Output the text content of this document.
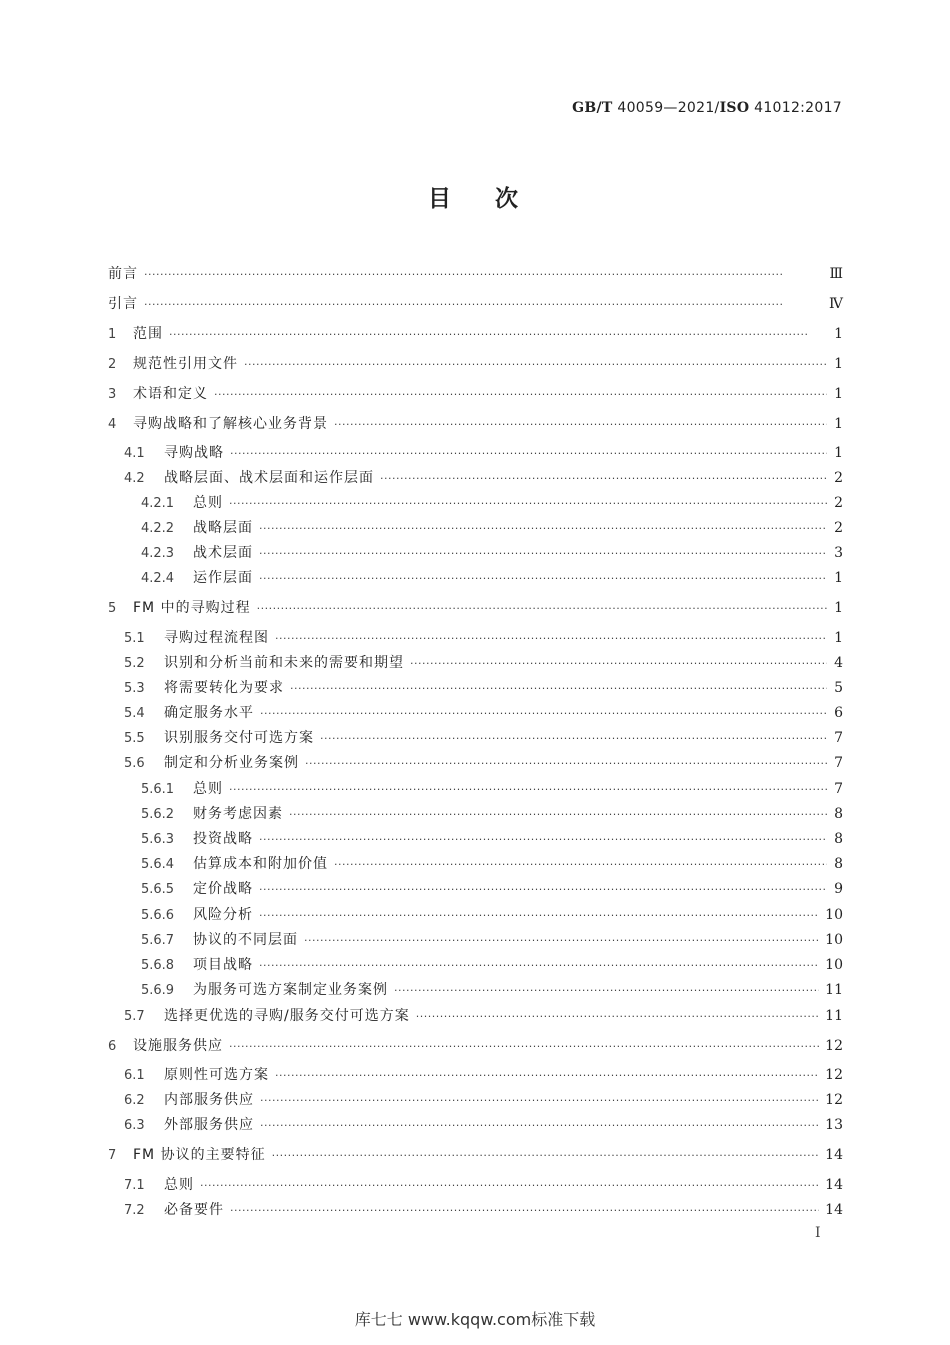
GB/T 40059—2021/ISO 41012:2017
目次
前言 ·····	Ⅲ
引言 ·····	Ⅳ
1	范围 ·····	1
2	规范性引用文件 ·····	1
3	术语和定义 ·····	1
4	寻购战略和了解核心业务背景 ·····	1
4.1	寻购战略 ·····	1
4.2	战略层面、战术层面和运作层面 ·····	2
4.2.1	总则 ·····	2
4.2.2	战略层面 ·····	2
4.2.3	战术层面 ·····	3
4.2.4	运作层面 ·····	1
5	FM 中的寻购过程 ·····	1
5.1	寻购过程流程图 ·····	1
5.2	识别和分析当前和未来的需要和期望 ·····	4
5.3	将需要转化为要求 ·····	5
5.4	确定服务水平 ·····	6
5.5	识别服务交付可选方案 ·····	7
5.6	制定和分析业务案例 ·····	7
5.6.1	总则 ·····	7
5.6.2	财务考虑因素 ·····	8
5.6.3	投资战略 ·····	8
5.6.4	估算成本和附加价值 ·····	8
5.6.5	定价战略 ·····	9
5.6.6	风险分析 ·····	10
5.6.7	协议的不同层面 ·····	10
5.6.8	项目战略 ·····	10
5.6.9	为服务可选方案制定业务案例 ·····	11
5.7	选择更优选的寻购/服务交付可选方案 ·····	11
6	设施服务供应 ·····	12
6.1	原则性可选方案 ·····	12
6.2	内部服务供应 ·····	12
6.3	外部服务供应 ·····	13
7	FM 协议的主要特征 ·····	14
7.1	总则 ·····	14
7.2	必备要件 ·····	14
I
库七七 www.kqqw.com标准下载
